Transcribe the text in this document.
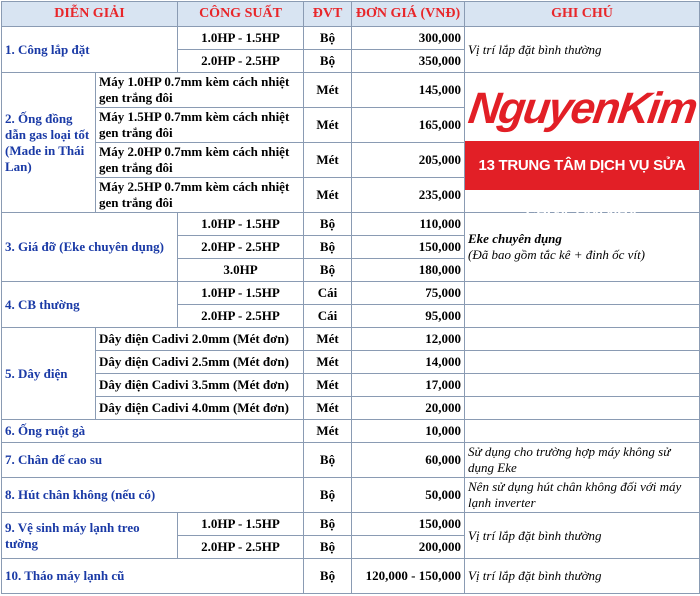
DIỄN GIẢI		CÔNG SUẤT	ĐVT	ĐƠN GIÁ (VNĐ)	GHI CHÚ
1. Công lắp đặt		1.0HP - 1.5HP	Bộ	300,000	Vị trí lắp đặt bình thường
		2.0HP - 2.5HP	Bộ	350,000	
2. Ống đồng dẫn gas loại tốt (Made in Thái Lan)	Máy 1.0HP 0.7mm kèm cách nhiệt gen trắng đôi		Mét	145,000	NguyenKim
13 TRUNG TÂM DỊCH VỤ SỬA CHỮA TẬN NHÀ

	Máy 1.5HP 0.7mm kèm cách nhiệt gen trắng đôi		Mét	165,000	
	Máy 2.0HP 0.7mm kèm cách nhiệt gen trắng đôi		Mét	205,000	
	Máy 2.5HP 0.7mm kèm cách nhiệt gen trắng đôi		Mét	235,000	
3. Giá đỡ (Eke chuyên dụng)		1.0HP - 1.5HP	Bộ	110,000	Eke chuyên dụng
(Đã bao gồm tắc kê + đinh ốc vít)

		2.0HP - 2.5HP	Bộ	150,000	
		3.0HP	Bộ	180,000	
4. CB thường		1.0HP - 1.5HP	Cái	75,000	
		2.0HP - 2.5HP	Cái	95,000	
5. Dây điện	Dây điện Cadivi 2.0mm (Mét đơn)		Mét	12,000	
	Dây điện Cadivi 2.5mm (Mét đơn)		Mét	14,000	
	Dây điện Cadivi 3.5mm (Mét đơn)		Mét	17,000	
	Dây điện Cadivi 4.0mm (Mét đơn)		Mét	20,000	
6. Ống ruột gà			Mét	10,000	
7. Chân đế cao su			Bộ	60,000	Sử dụng cho trường hợp máy không sử dụng Eke
8. Hút chân không (nếu có)			Bộ	50,000	Nên sử dụng hút chân không đối với máy lạnh inverter
9. Vệ sinh máy lạnh treo tường		1.0HP - 1.5HP	Bộ	150,000	Vị trí lắp đặt bình thường
		2.0HP - 2.5HP	Bộ	200,000	
10. Tháo máy lạnh cũ			Bộ	120,000 - 150,000	Vị trí lắp đặt bình thường
